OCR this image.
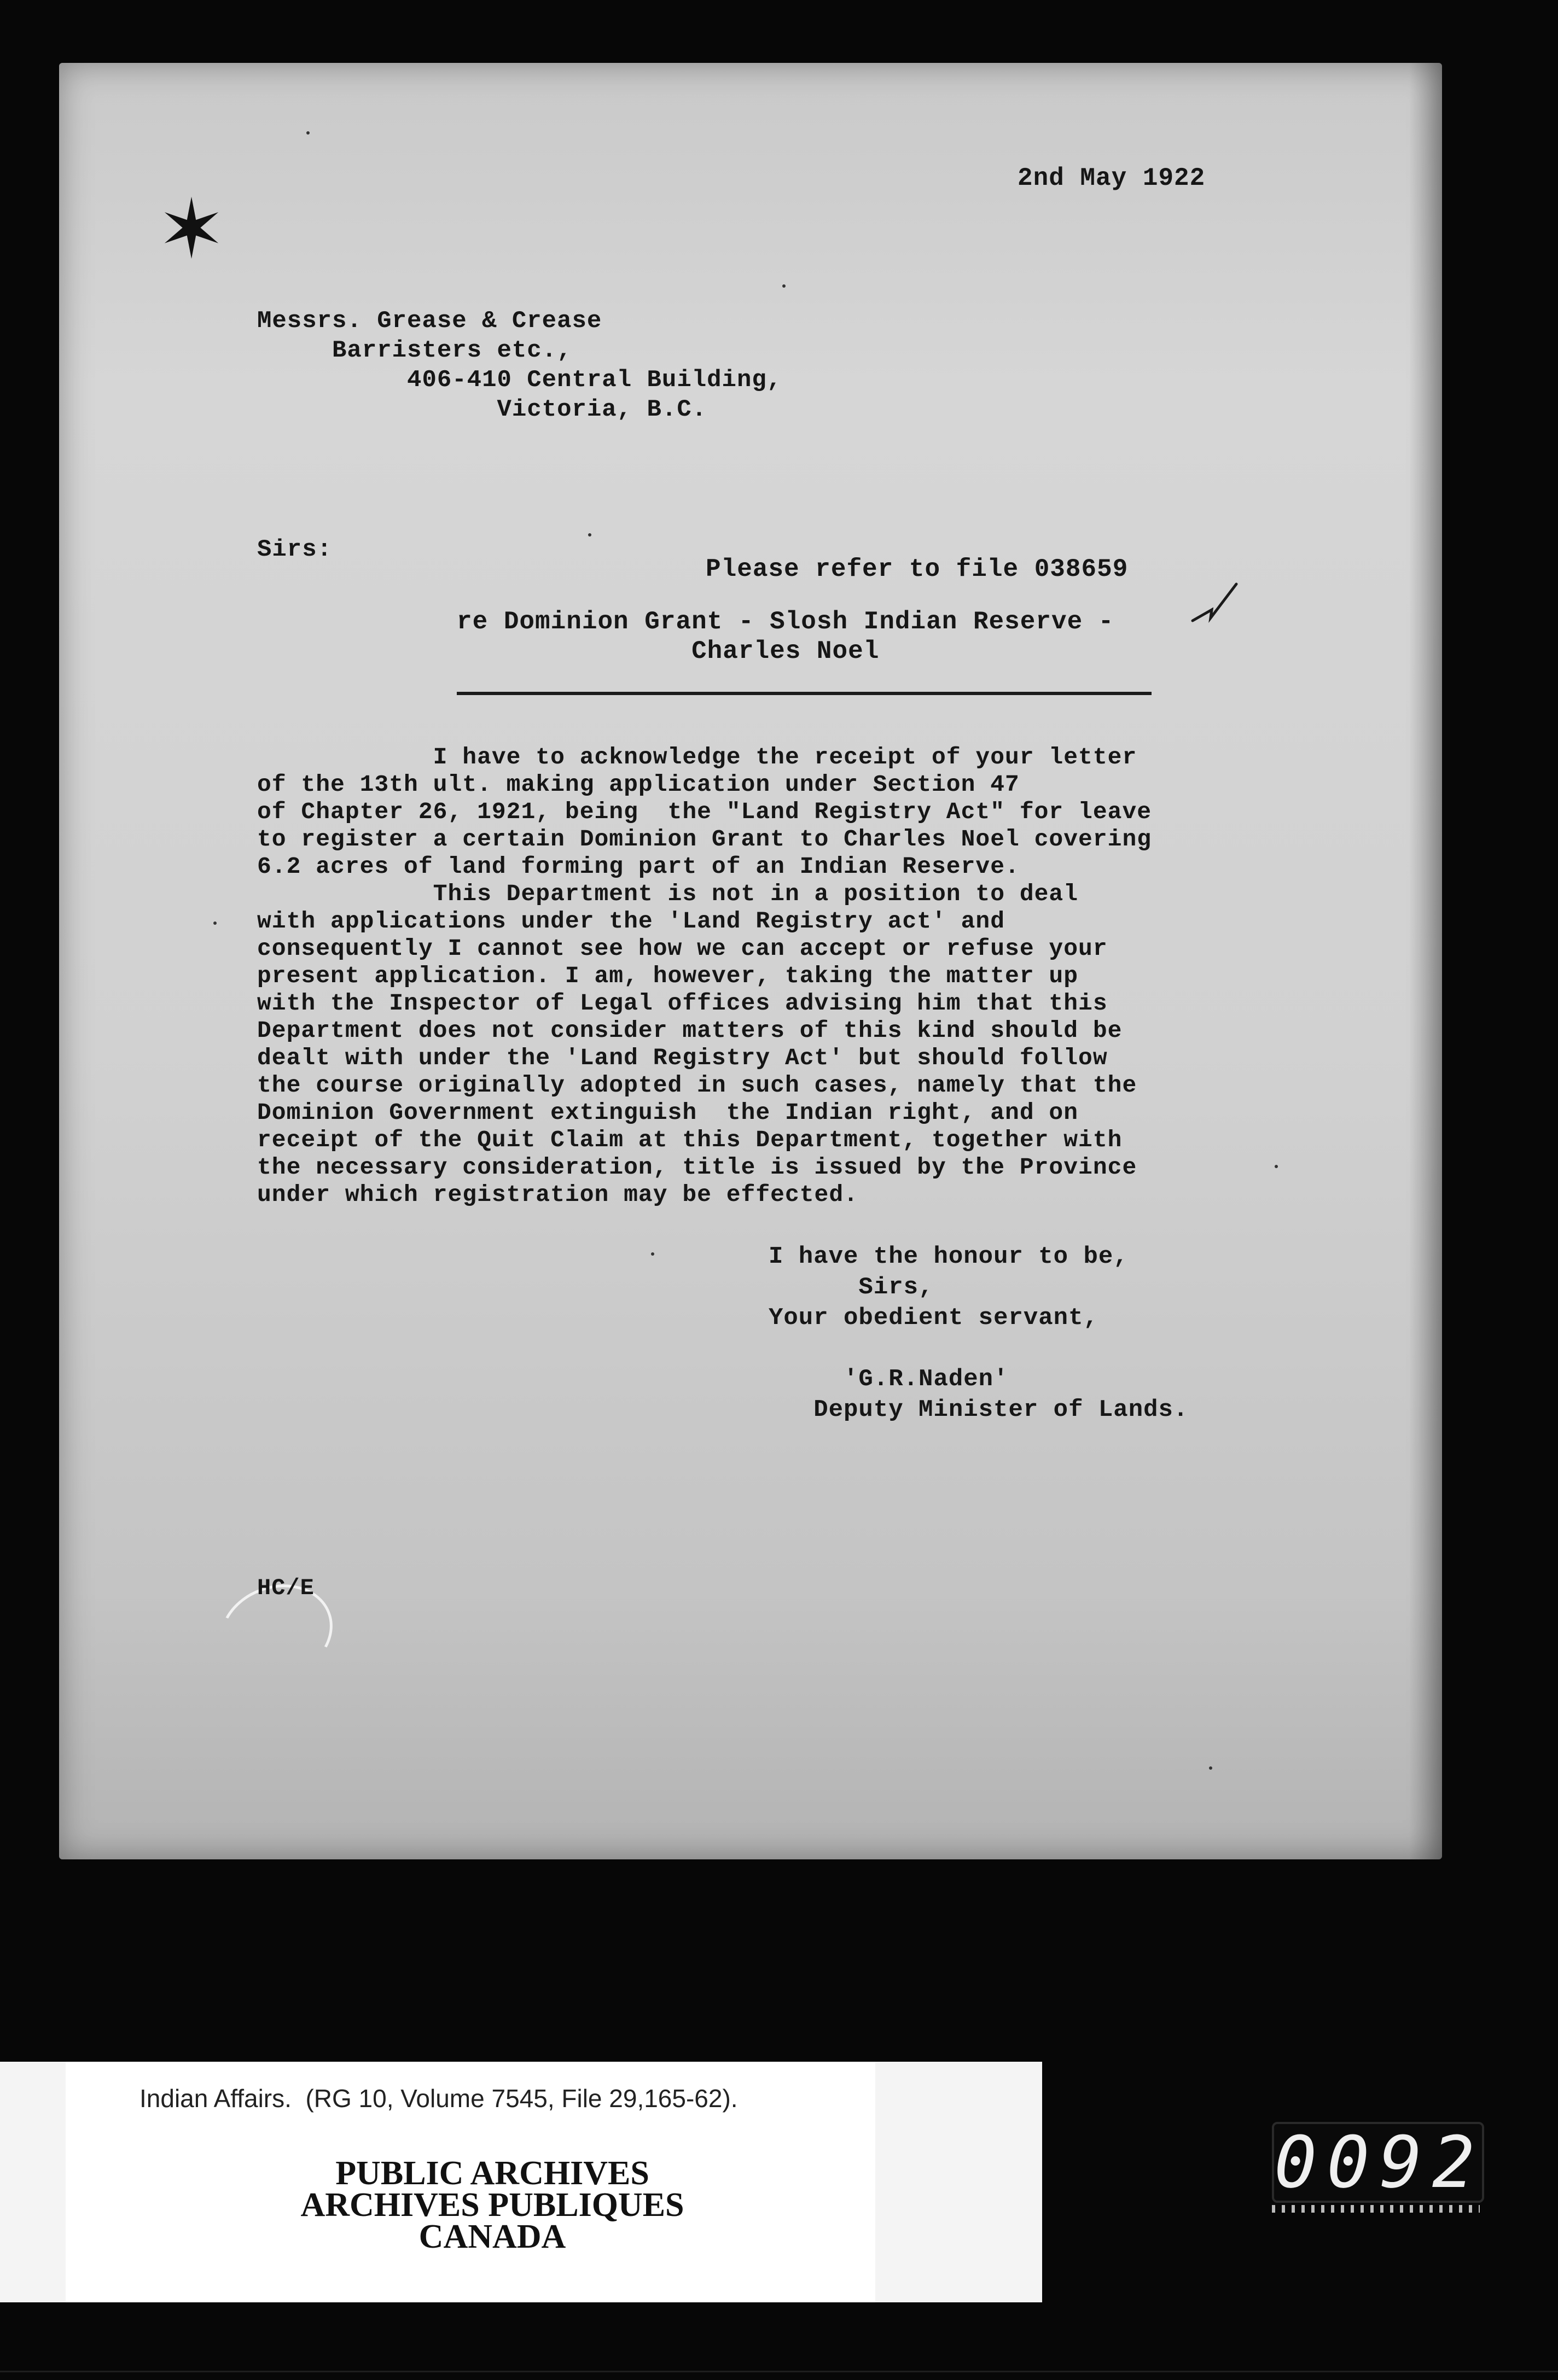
✶
2nd May 1922
Messrs. Grease & Crease
Barristers etc.,
406-410 Central Building,
Victoria, B.C.
Sirs:
Please refer to file 038659
re Dominion Grant - Slosh Indian Reserve -
Charles Noel
I have to acknowledge the receipt of your letter
of the 13th ult. making application under Section 47
of Chapter 26, 1921, being  the "Land Registry Act" for leave
to register a certain Dominion Grant to Charles Noel covering
6.2 acres of land forming part of an Indian Reserve.
This Department is not in a position to deal
with applications under the 'Land Registry act' and
consequently I cannot see how we can accept or refuse your
present application. I am, however, taking the matter up
with the Inspector of Legal offices advising him that this
Department does not consider matters of this kind should be
dealt with under the 'Land Registry Act' but should follow
the course originally adopted in such cases, namely that the
Dominion Government extinguish  the Indian right, and on
receipt of the Quit Claim at this Department, together with
the necessary consideration, title is issued by the Province
under which registration may be effected.
I have the honour to be,
Sirs,
Your obedient servant,

'G.R.Naden'
Deputy Minister of Lands.
HC/E
Indian Affairs.  (RG 10, Volume 7545, File 29,165-62).
PUBLIC ARCHIVES
ARCHIVES PUBLIQUES
CANADA
0092
